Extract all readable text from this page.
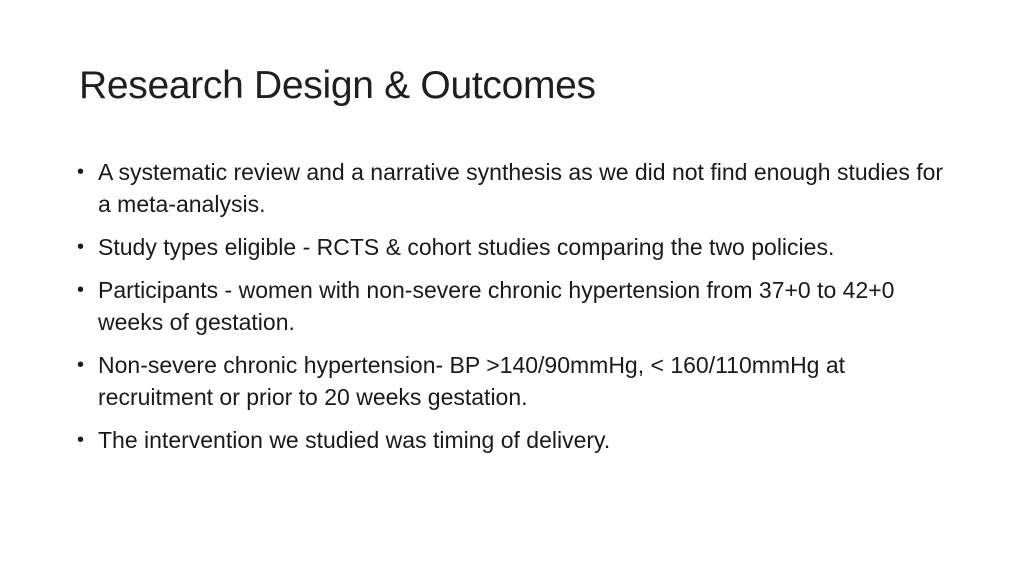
Research Design & Outcomes
• A systematic review and a narrative synthesis as we did not find enough studies for a meta-analysis.
• Study types eligible - RCTS & cohort studies comparing the two policies.
• Participants - women with non-severe chronic hypertension from 37+0 to 42+0 weeks of gestation.
• Non-severe chronic hypertension- BP >140/90mmHg, < 160/110mmHg at recruitment or prior to 20 weeks gestation.
• The intervention we studied was timing of delivery.
